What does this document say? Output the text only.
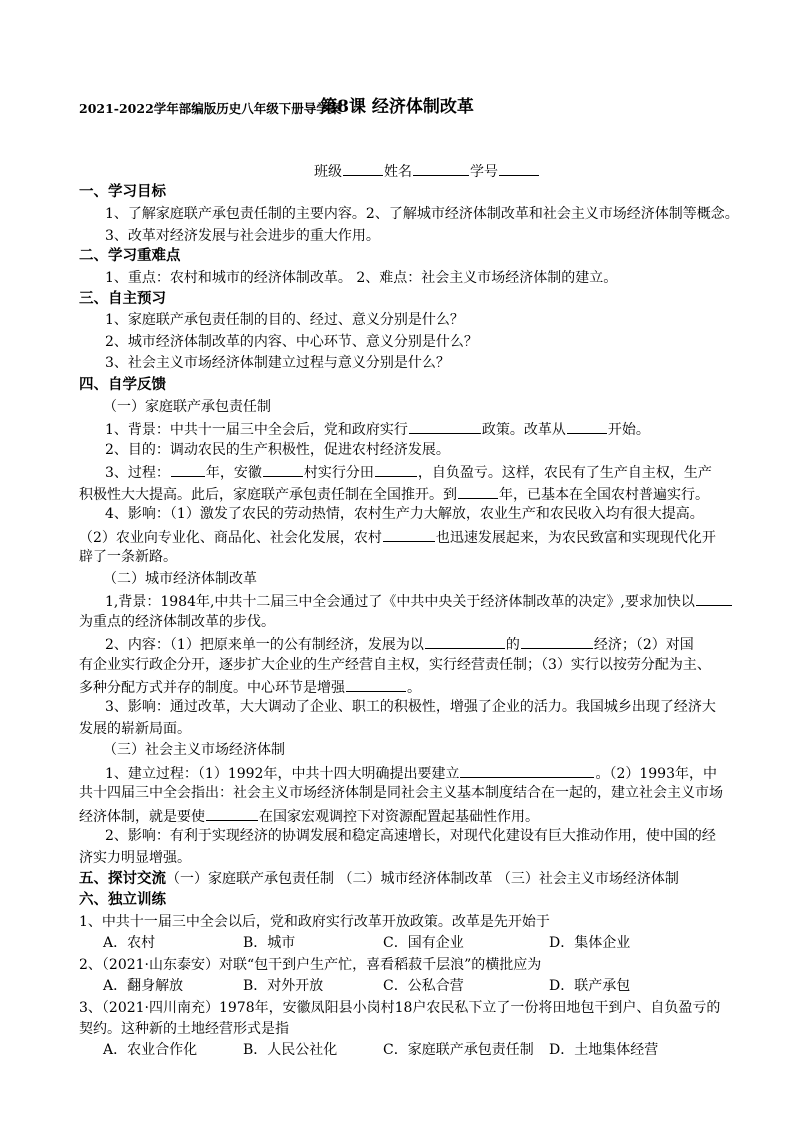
2021-2022学年部编版历史八年级下册导学案
第8课 经济体制改革
班级	姓名	学号
一、学习目标
1、了解家庭联产承包责任制的主要内容。2、了解城市经济体制改革和社会主义市场经济体制等概念。
3、改革对经济发展与社会进步的重大作用。
二、学习重难点
1、重点：农村和城市的经济体制改革。 2、难点：社会主义市场经济体制的建立。
三、自主预习
1、家庭联产承包责任制的目的、经过、意义分别是什么？
2、城市经济体制改革的内容、中心环节、意义分别是什么？
3、社会主义市场经济体制建立过程与意义分别是什么？
四、自学反馈
（一）家庭联产承包责任制
1、背景：中共十一届三中全会后，党和政府实行	政策。改革从	开始。
2、目的：调动农民的生产积极性，促进农村经济发展。
3、过程：	年，安徽	村实行分田	，自负盈亏。这样，农民有了生产自主权，生产
积极性大大提高。此后，家庭联产承包责任制在全国推开。到	年，已基本在全国农村普遍实行。
4、影响：（1）激发了农民的劳动热情，农村生产力大解放，农业生产和农民收入均有很大提高。
（2）农业向专业化、商品化、社会化发展，农村	也迅速发展起来，为农民致富和实现现代化开
辟了一条新路。
（二）城市经济体制改革
1,背景：1984年,中共十二届三中全会通过了《中共中央关于经济体制改革的决定》,要求加快以
为重点的经济体制改革的步伐。
2、内容：（1）把原来单一的公有制经济，发展为以	的	经济；（2）对国
有企业实行政企分开，逐步扩大企业的生产经营自主权，实行经营责任制；（3）实行以按劳分配为主、
多种分配方式并存的制度。中心环节是增强	。
3、影响：通过改革，大大调动了企业、职工的积极性，增强了企业的活力。我国城乡出现了经济大
发展的崭新局面。
（三）社会主义市场经济体制
1、建立过程：（1）1992年，中共十四大明确提出要建立	。（2）1993年，中
共十四届三中全会指出：社会主义市场经济体制是同社会主义基本制度结合在一起的，建立社会主义市场
经济体制，就是要使	在国家宏观调控下对资源配置起基础性作用。
2、影响：有利于实现经济的协调发展和稳定高速增长，对现代化建设有巨大推动作用，使中国的经
济实力明显增强。
五、探讨交流（一）家庭联产承包责任制 （二）城市经济体制改革 （三）社会主义市场经济体制
六、独立训练
1、中共十一届三中全会以后，党和政府实行改革开放政策。改革是先开始于
A．农村	B．城市	C．国有企业	D．集体企业
2、（2021·山东泰安）对联“包干到户生产忙，喜看稻菽千层浪”的横批应为
A．翻身解放	B．对外开放	C．公私合营	D．联产承包
3、（2021·四川南充）1978年，安徽凤阳县小岗村18户农民私下立了一份将田地包干到户、自负盈亏的
契约。这种新的土地经营形式是指
A．农业合作化	B．人民公社化	C．家庭联产承包责任制 D．土地集体经营
